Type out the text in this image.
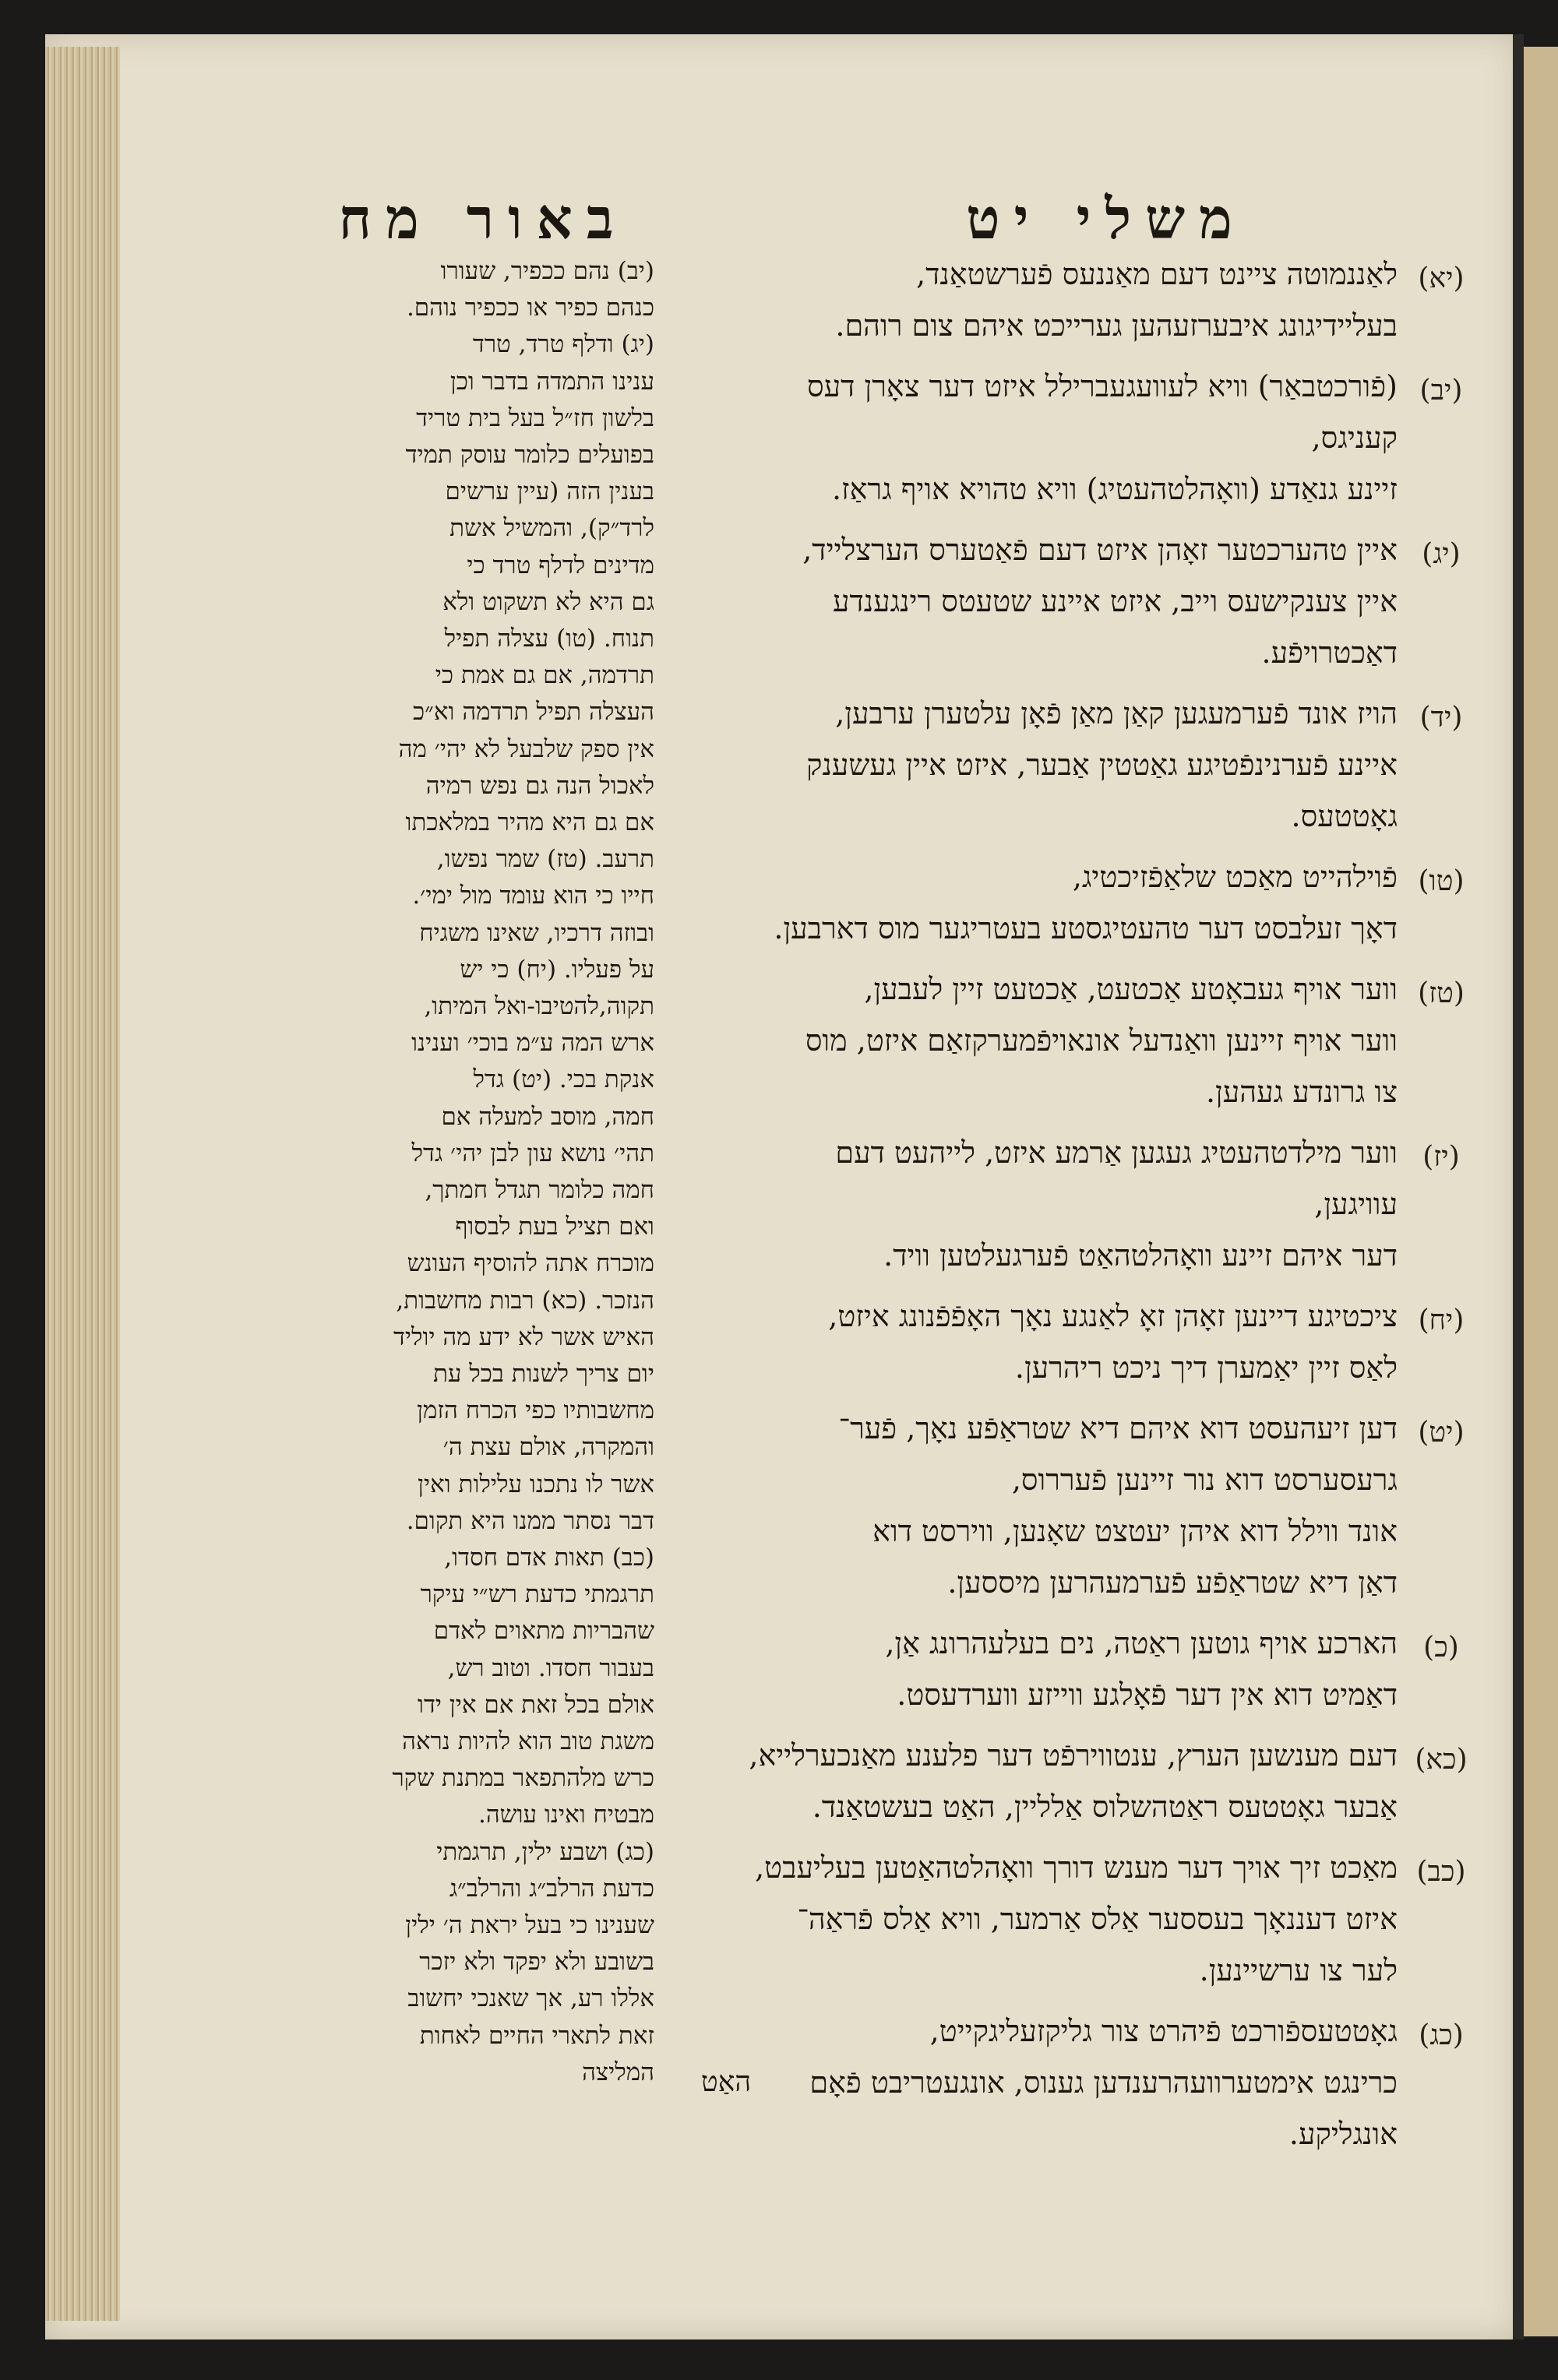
משלי יט
באור מח
(יא)
לאַננמוטה ציינט דעם מאַננעס פֿערשטאַנד,
בעליידיגונג איבערזעהען גערייכט איהם צום רוהם.
(יב)
(פֿורכטבאַר) וויא לעוועגעברילל איזט דער צאָרן דעס
קעניגס,
זיינע גנאַדע (וואָהלטהעטיג) וויא טהויא אויף גראַז.
(יג)
איין טהערכטער זאָהן איזט דעם פֿאַטערס הערצלייד,
איין צענקישעס וייב, איזט איינע שטעטס רינגענדע
דאַכטרויפֿע.
(יד)
הויז אונד פֿערמעגען קאַן מאַן פֿאָן עלטערן ערבען,
איינע פֿערנינפֿטיגע גאַטטין אַבער, איזט איין געשענק
גאָטטעס.
(טו)
פֿוילהייט מאַכט שלאַפֿזיכטיג,
דאָך זעלבסט דער טהעטיגסטע בעטריגער מוס דארבען.
(טז)
ווער אויף געבאָטע אַכטעט, אַכטעט זיין לעבען,
ווער אויף זיינען וואַנדעל אונאויפֿמערקזאַם איזט, מוס
צו גרונדע געהען.
(יז)
ווער מילדטהעטיג געגען אַרמע איזט, לייהעט דעם
עוויגען,
דער איהם זיינע וואָהלטהאַט פֿערגעלטען וויד.
(יח)
ציכטיגע דיינען זאָהן זאָ לאַנגע נאָך האָפֿפֿנונג איזט,
לאַס זיין יאַמערן דיך ניכט ריהרען.
(יט)
דען זיעהעסט דוא איהם דיא שטראַפֿע נאָך, פֿער־
גרעסערסט דוא נור זיינען פֿעררוס,
אונד ווילל דוא איהן יעטצט שאָנען, ווירסט דוא
דאַן דיא שטראַפֿע פֿערמעהרען מיססען.
(כ)
הארכע אויף גוטען ראַטה, נים בעלעהרונג אַן,
דאַמיט דוא אין דער פֿאָלגע ווייזע ווערדעסט.
(כא)
דעם מענשען הערץ, ענטווירפֿט דער פלענע מאַנכערלייא,
אַבער גאָטטעס ראַטהשלוס אַלליין, האַט בעשטאַנד.
(כב)
מאַכט זיך אויך דער מענש דורך וואָהלטהאַטען בעליעבט,
איזט דעננאָך בעססער אַלס אַרמער, וויא אַלס פֿראַה־
לער צו ערשיינען.
(כג)
גאָטטעספֿורכט פֿיהרט צור גליקזעליגקייט,
כרינגט אימטערוועהרענדען גענוס, אונגעטריבט פֿאָם
אונגליקע.
(יב) נהם ככפיר, שעורו
כנהם כפיר או ככפיר נוהם.
(יג) ודלף טרד, טרד
ענינו התמדה בדבר וכן
בלשון חז״ל בעל בית טריד
בפועלים כלומר עוסק תמיד
בענין הזה (עיין ערשים
לרד״ק), והמשיל אשת
מדינים לדלף טרד כי
גם היא לא תשקוט ולא
תנוח. (טו) עצלה תפיל
תרדמה, אם גם אמת כי
העצלה תפיל תרדמה וא״כ
אין ספק שלבעל לא יהי׳ מה
לאכול הנה גם נפש רמיה
אם גם היא מהיר במלאכתו
תרעב. (טז) שמר נפשו,
חייו כי הוא עומד מול ימי׳.
ובוזה דרכיו, שאינו משגיח
על פעליו. (יח) כי יש
תקוה,להטיבו-ואל המיתו,
ארש המה ע״מ בוכי׳ וענינו
אנקת בכי. (יט) גדל
חמה, מוסב למעלה אם
תהי׳ נושא עון לבן יהי׳ גדל
חמה כלומר תגדל חמתך,
ואם תציל בעת לבסוף
מוכרח אתה להוסיף העונש
הנזכר. (כא) רבות מחשבות,
האיש אשר לא ידע מה יוליד
יום צריך לשנות בכל עת
מחשבותיו כפי הכרח הזמן
והמקרה, אולם עצת ה׳
אשר לו נתכנו עלילות ואין
דבר נסתר ממנו היא תקום.
(כב) תאות אדם חסדו,
תרגמתי כדעת רש״י עיקר
שהבריות מתאוים לאדם
בעבור חסדו. וטוב רש,
אולם בכל זאת אם אין ידו
משגת טוב הוא להיות נראה
כרש מלהתפאר במתנת שקר
מבטיח ואינו עושה.
(כג) ושבע ילין, תרגמתי
כדעת הרלב״ג והרלב״ג
שענינו כי בעל יראת ה׳ ילין
בשובע ולא יפקד ולא יזכר
אללו רע, אך שאנכי יחשוב
זאת לתארי החיים לאחות
המליצה האַט
